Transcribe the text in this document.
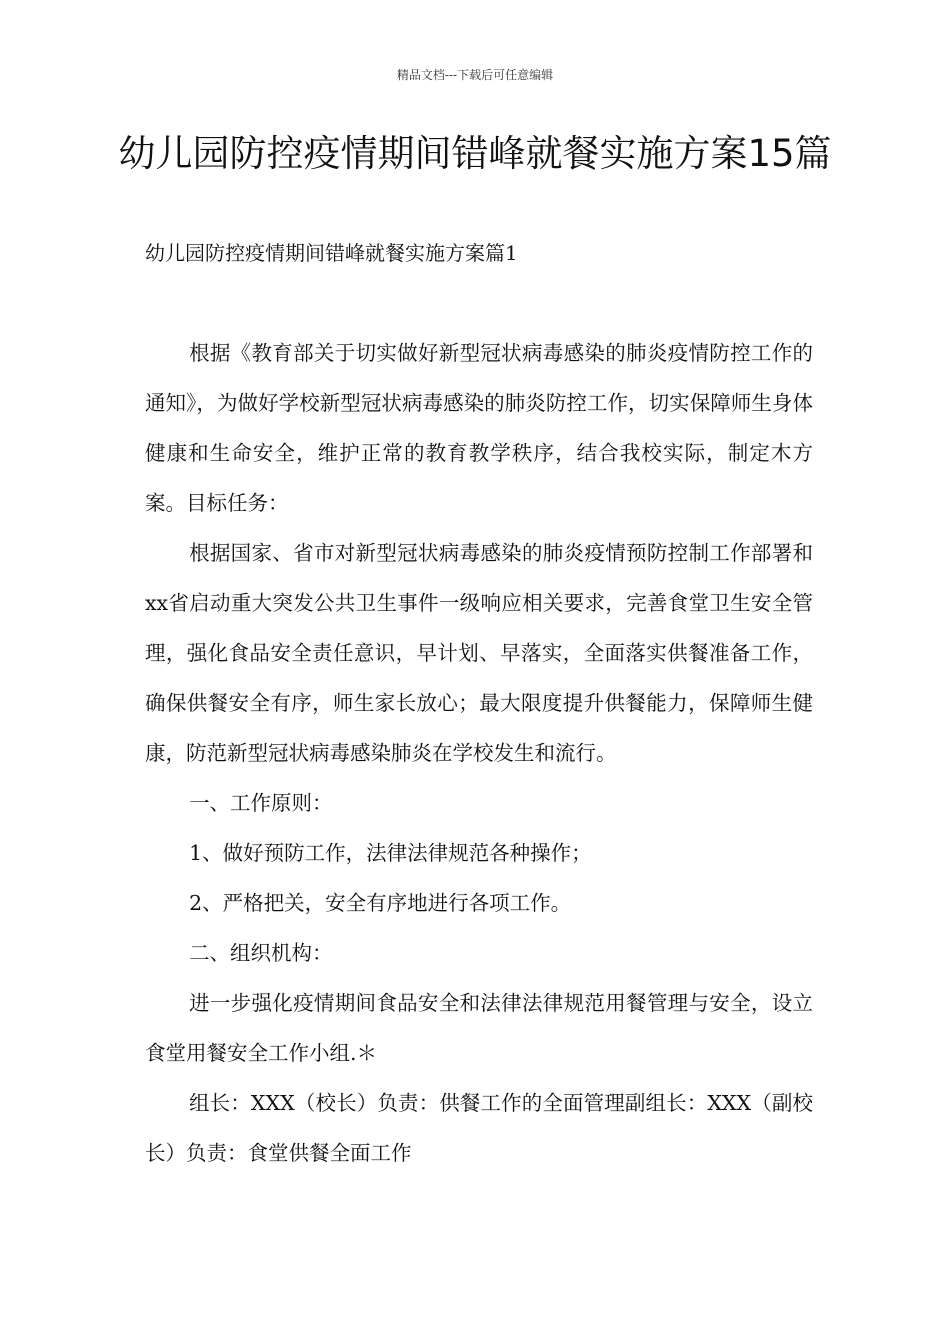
精品文档---下载后可任意编辑
幼儿园防控疫情期间错峰就餐实施方案15篇
幼儿园防控疫情期间错峰就餐实施方案篇1

根据《教育部关于切实做好新型冠状病毒感染的肺炎疫情防控工作的通知》，为做好学校新型冠状病毒感染的肺炎防控工作，切实保障师生身体健康和生命安全，维护正常的教育教学秩序，结合我校实际，制定木方案。目标任务：

根据国家、省市对新型冠状病毒感染的肺炎疫情预防控制工作部署和xx省启动重大突发公共卫生事件一级响应相关要求，完善食堂卫生安全管理，强化食品安全责任意识，早计划、早落实，全面落实供餐准备工作，确保供餐安全有序，师生家长放心；最大限度提升供餐能力，保障师生健康，防范新型冠状病毒感染肺炎在学校发生和流行。

一、工作原则：

1、做好预防工作，法律法律规范各种操作；

2、严格把关，安全有序地进行各项工作。

二、组织机构：

进一步强化疫情期间食品安全和法律法律规范用餐管理与安全，设立食堂用餐安全工作小组.＊

组长：XXX（校长）负责：供餐工作的全面管理副组长：XXX（副校长）负责：食堂供餐全面工作
